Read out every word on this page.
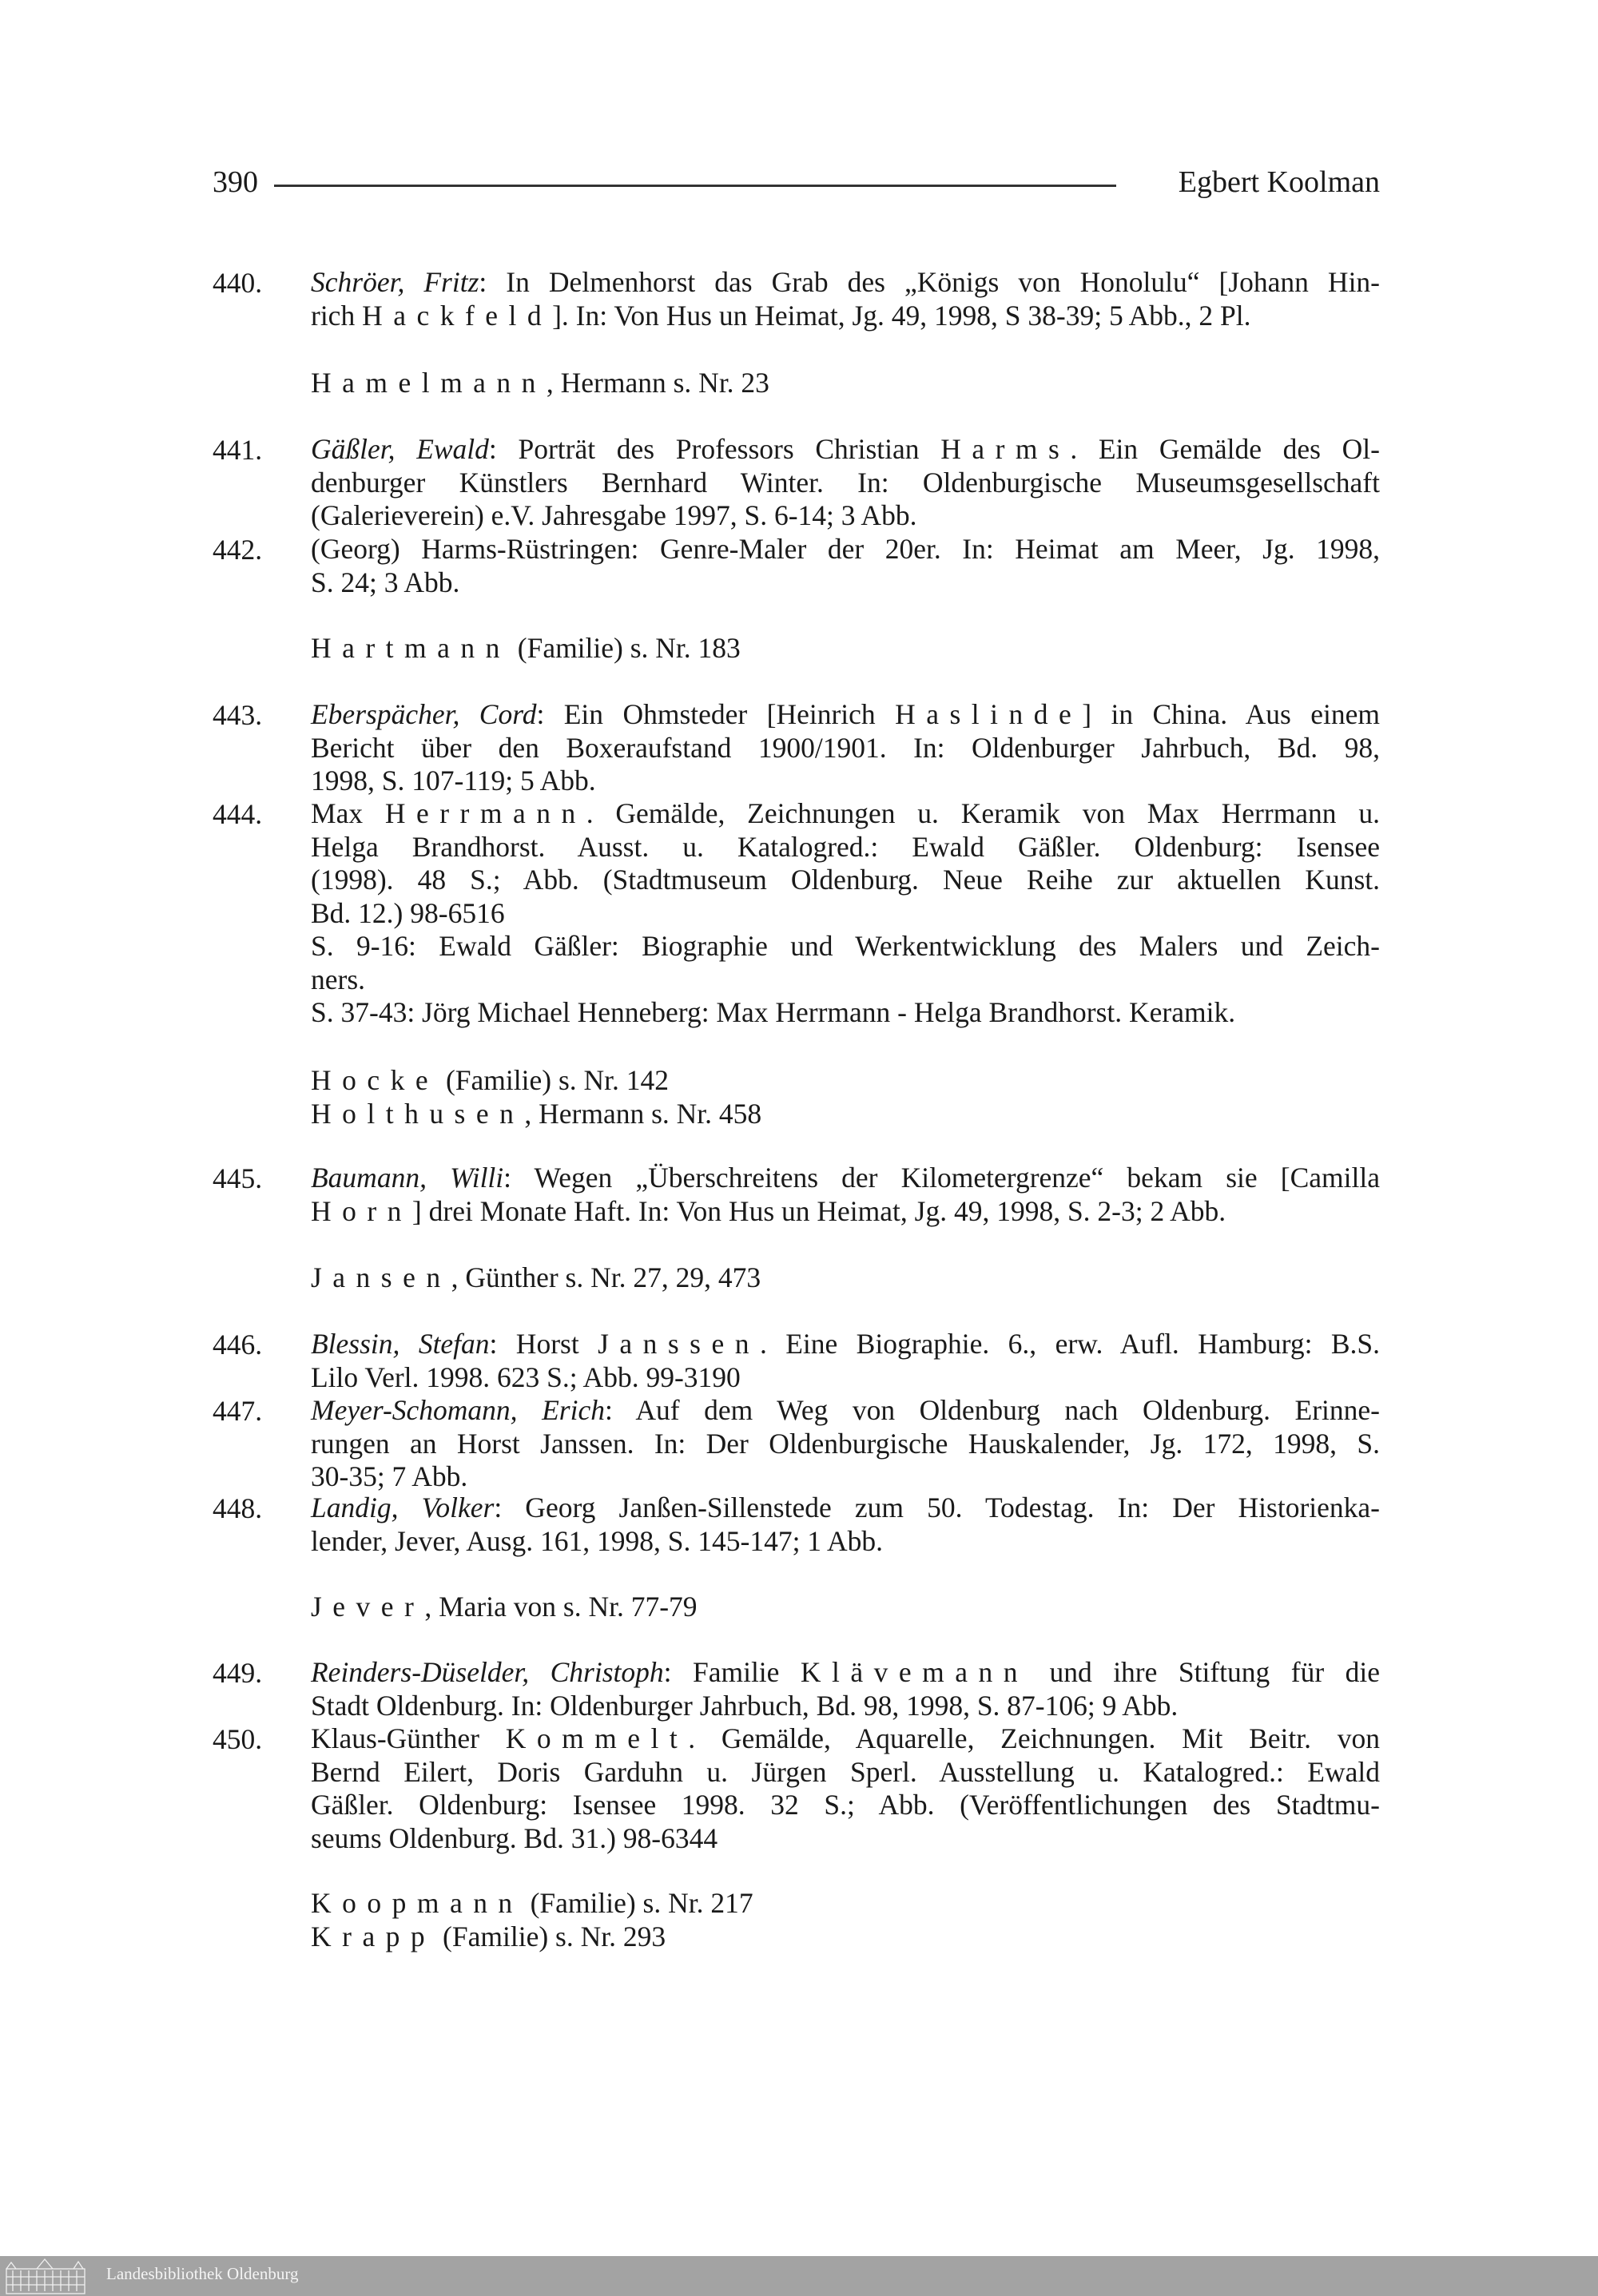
390	Egbert Koolman
440. Schröer, Fritz: In Delmenhorst das Grab des „Königs von Honolulu“ [Johann Hin-
rich Hackfeld]. In: Von Hus un Heimat, Jg. 49, 1998, S 38-39; 5 Abb., 2 Pl.
Hamelmann, Hermann s. Nr. 23
441. Gäßler, Ewald: Porträt des Professors Christian Harms. Ein Gemälde des Ol-
denburger Künstlers Bernhard Winter. In: Oldenburgische Museumsgesellschaft
(Galerieverein) e.V. Jahresgabe 1997, S. 6-14; 3 Abb.
442. (Georg) Harms-Rüstringen: Genre-Maler der 20er. In: Heimat am Meer, Jg. 1998,
S. 24; 3 Abb.
Hartmann (Familie) s. Nr. 183
443. Eberspächer, Cord: Ein Ohmsteder [Heinrich Haslinde] in China. Aus einem
Bericht über den Boxeraufstand 1900/1901. In: Oldenburger Jahrbuch, Bd. 98,
1998, S. 107-119; 5 Abb.
444. Max Herrmann. Gemälde, Zeichnungen u. Keramik von Max Herrmann u.
Helga Brandhorst. Ausst. u. Katalogred.: Ewald Gäßler. Oldenburg: Isensee
(1998). 48 S.; Abb. (Stadtmuseum Oldenburg. Neue Reihe zur aktuellen Kunst.
Bd. 12.) 98-6516
S. 9-16: Ewald Gäßler: Biographie und Werkentwicklung des Malers und Zeich-
ners.
S. 37-43: Jörg Michael Henneberg: Max Herrmann - Helga Brandhorst. Keramik.
Hocke (Familie) s. Nr. 142
Holthusen, Hermann s. Nr. 458
445. Baumann, Willi: Wegen „Überschreitens der Kilometergrenze“ bekam sie [Camilla
Horn] drei Monate Haft. In: Von Hus un Heimat, Jg. 49, 1998, S. 2-3; 2 Abb.
Jansen, Günther s. Nr. 27, 29, 473
446. Blessin, Stefan: Horst Janssen. Eine Biographie. 6., erw. Aufl. Hamburg: B.S.
Lilo Verl. 1998. 623 S.; Abb. 99-3190
447. Meyer-Schomann, Erich: Auf dem Weg von Oldenburg nach Oldenburg. Erinne-
rungen an Horst Janssen. In: Der Oldenburgische Hauskalender, Jg. 172, 1998, S.
30-35; 7 Abb.
448. Landig, Volker: Georg Janßen-Sillenstede zum 50. Todestag. In: Der Historienka-
lender, Jever, Ausg. 161, 1998, S. 145-147; 1 Abb.
Jever, Maria von s. Nr. 77-79
449. Reinders-Düselder, Christoph: Familie Klävemann und ihre Stiftung für die
Stadt Oldenburg. In: Oldenburger Jahrbuch, Bd. 98, 1998, S. 87-106; 9 Abb.
450. Klaus-Günther Kommelt. Gemälde, Aquarelle, Zeichnungen. Mit Beitr. von
Bernd Eilert, Doris Garduhn u. Jürgen Sperl. Ausstellung u. Katalogred.: Ewald
Gäßler. Oldenburg: Isensee 1998. 32 S.; Abb. (Veröffentlichungen des Stadtmu-
seums Oldenburg. Bd. 31.) 98-6344
Koopmann (Familie) s. Nr. 217
Krapp (Familie) s. Nr. 293
Landesbibliothek Oldenburg
